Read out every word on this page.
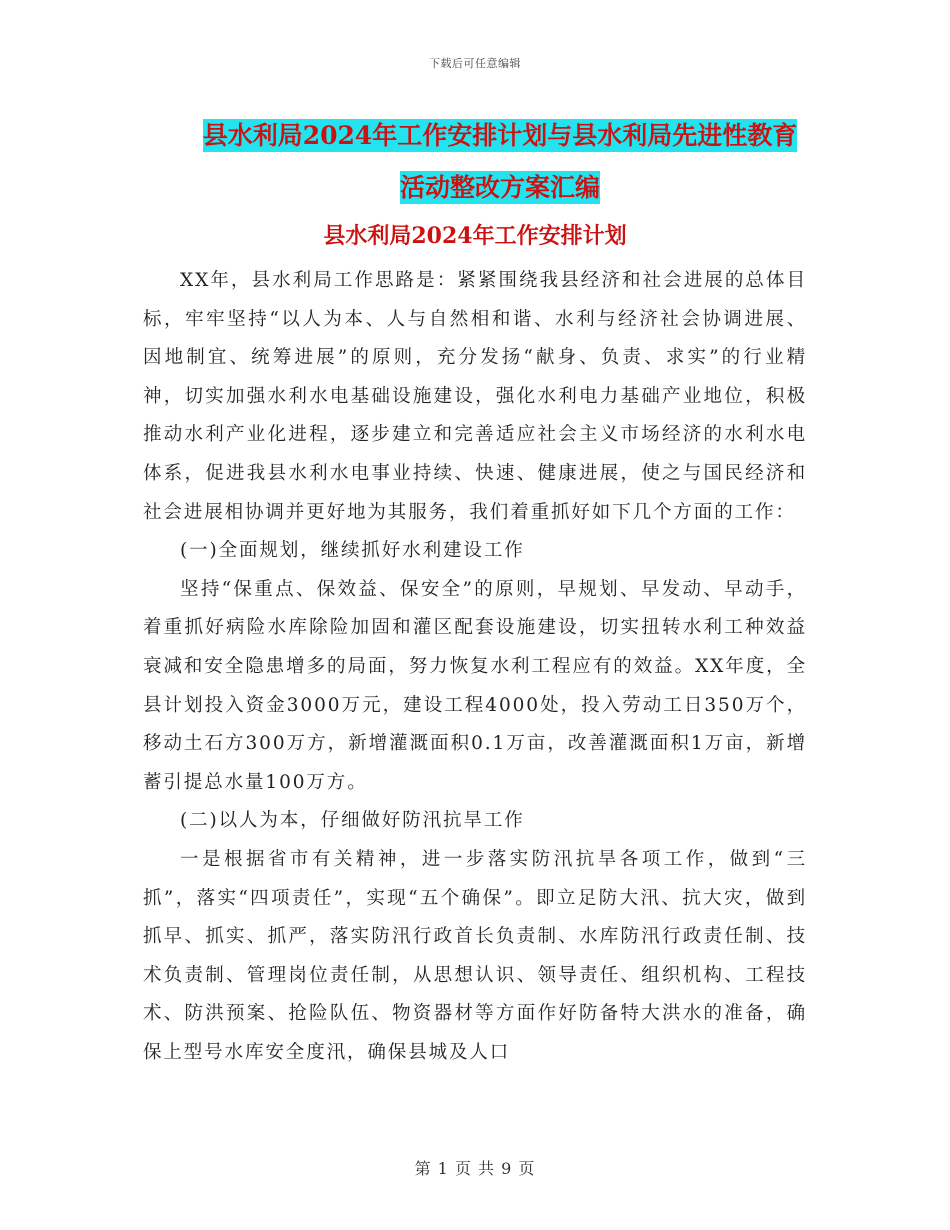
下载后可任意编辑
县水利局2024年工作安排计划与县水利局先进性教育
活动整改方案汇编
县水利局2024年工作安排计划

XX年，县水利局工作思路是：紧紧围绕我县经济和社会进展的总体目标，牢牢坚持“以人为本、人与自然相和谐、水利与经济社会协调进展、因地制宜、统筹进展”的原则，充分发扬“献身、负责、求实”的行业精神，切实加强水利水电基础设施建设，强化水利电力基础产业地位，积极推动水利产业化进程，逐步建立和完善适应社会主义市场经济的水利水电体系，促进我县水利水电事业持续、快速、健康进展，使之与国民经济和社会进展相协调并更好地为其服务，我们着重抓好如下几个方面的工作：

(一)全面规划，继续抓好水利建设工作

坚持“保重点、保效益、保安全”的原则，早规划、早发动、早动手，着重抓好病险水库除险加固和灌区配套设施建设，切实扭转水利工种效益衰减和安全隐患增多的局面，努力恢复水利工程应有的效益。XX年度，全县计划投入资金3000万元，建设工程4000处，投入劳动工日350万个，移动土石方300万方，新增灌溉面积0.1万亩，改善灌溉面积1万亩，新增蓄引提总水量100万方。

(二)以人为本，仔细做好防汛抗旱工作

一是根据省市有关精神，进一步落实防汛抗旱各项工作，做到“三抓”，落实“四项责任”，实现“五个确保”。即立足防大汛、抗大灾，做到抓早、抓实、抓严，落实防汛行政首长负责制、水库防汛行政责任制、技术负责制、管理岗位责任制，从思想认识、领导责任、组织机构、工程技术、防洪预案、抢险队伍、物资器材等方面作好防备特大洪水的准备，确保上型号水库安全度汛，确保县城及人口

第 1 页 共 9 页
